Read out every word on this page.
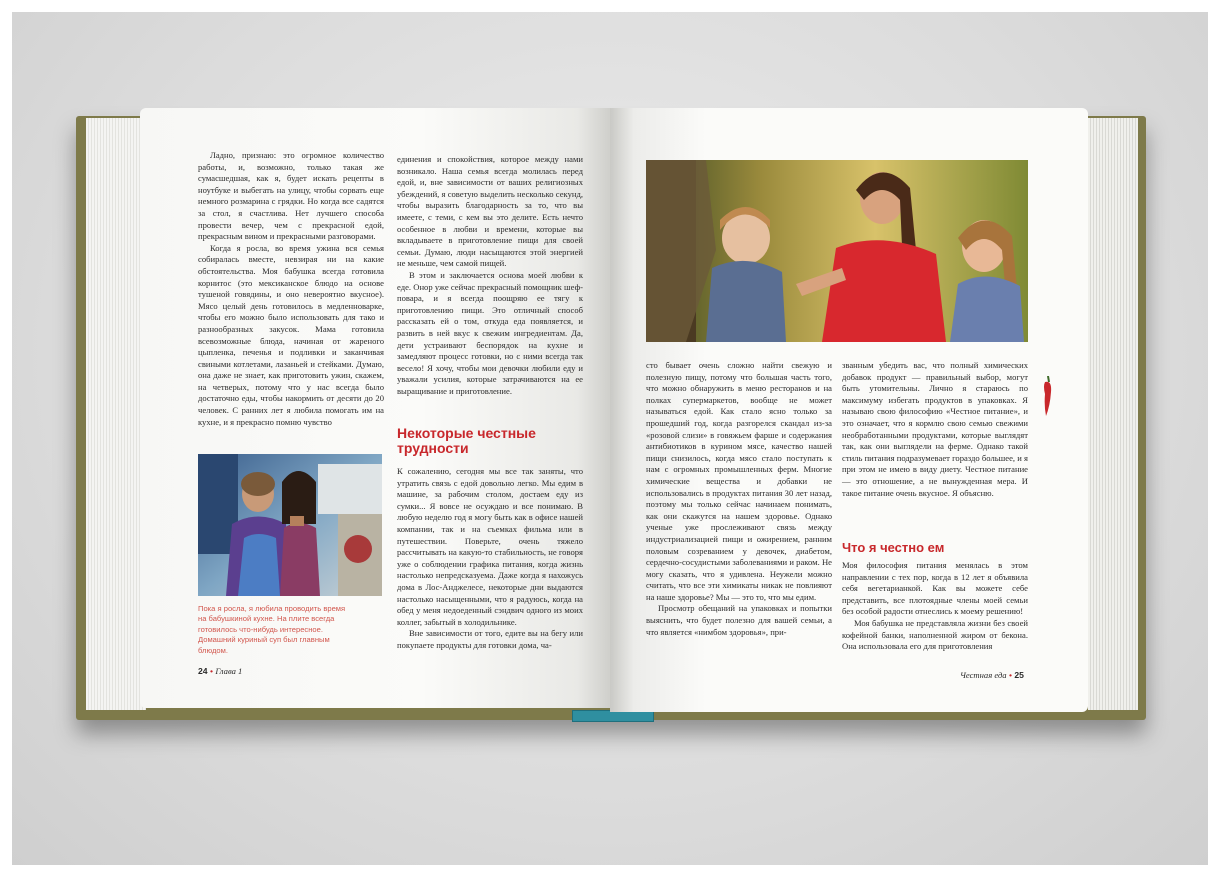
Ладно, признаю: это огромное количество работы, и, возможно, только такая же сумасшедшая, как я, будет искать рецепты в ноутбуке и выбегать на улицу, чтобы сорвать еще немного розмарина с грядки. Но когда все садятся за стол, я счастлива. Нет лучшего способа провести вечер, чем с прекрасной едой, прекрасным вином и прекрасными разговорами.

Когда я росла, во время ужина вся семья собиралась вместе, невзирая ни на какие обстоятельства. Моя бабушка всегда готовила корнитос (это мексиканское блюдо на основе тушеной говядины, и оно невероятно вкусное). Мясо целый день готовилось в медленноварке, чтобы его можно было использовать для тако и разнообразных закусок. Мама готовила всевозможные блюда, начиная от жареного цыпленка, печенья и подливки и заканчивая свиными котлетами, лазаньей и стейками. Думаю, она даже не знает, как приготовить ужин, скажем, на четверых, потому что у нас всегда было достаточно еды, чтобы накормить от десяти до 20 человек. С ранних лет я любила помогать им на кухне, и я прекрасно помню чувство

Пока я росла, я любила проводить время на бабушкиной кухне. На плите всегда готовилось что-нибудь интересное. Домашний куриный суп был главным блюдом.

единения и спокойствия, которое между нами возникало. Наша семья всегда молилась перед едой, и, вне зависимости от ваших религиозных убеждений, я советую выделить несколько секунд, чтобы выразить благодарность за то, что вы имеете, с теми, с кем вы это делите. Есть нечто особенное в любви и времени, которые вы вкладываете в приготовление пищи для своей семьи. Думаю, люди насыщаются этой энергией не меньше, чем самой пищей.

В этом и заключается основа моей любви к еде. Онор уже сейчас прекрасный помощник шеф-повара, и я всегда поощряю ее тягу к приготовлению пищи. Это отличный способ рассказать ей о том, откуда еда появляется, и развить в ней вкус к свежим ингредиентам. Да, дети устраивают беспорядок на кухне и замедляют процесс готовки, но с ними всегда так весело! Я хочу, чтобы мои девочки любили еду и уважали усилия, которые затрачиваются на ее выращивание и приготовление.

Некоторые честные трудности

К сожалению, сегодня мы все так заняты, что утратить связь с едой довольно легко. Мы едим в машине, за рабочим столом, достаем еду из сумки... Я вовсе не осуждаю и все понимаю. В любую неделю год я могу быть как в офисе нашей компании, так и на съемках фильма или в путешествии. Поверьте, очень тяжело рассчитывать на какую-то стабильность, не говоря уже о соблюдении графика питания, когда жизнь настолько непредсказуема. Даже когда я нахожусь дома в Лос-Анджелесе, некоторые дни выдаются настолько насыщенными, что я радуюсь, когда на обед у меня недоеденный сэндвич одного из моих коллег, забытый в холодильнике.

Вне зависимости от того, едите вы на бегу или покупаете продукты для готовки дома, ча-

24 • Глава 1

сто бывает очень сложно найти свежую и полезную пищу, потому что большая часть того, что можно обнаружить в меню ресторанов и на полках супермаркетов, вообще не может называться едой. Как стало ясно только за прошедший год, когда разгорелся скандал из-за «розовой слизи» в говяжьем фарше и содержания антибиотиков в курином мясе, качество нашей пищи снизилось, когда мясо стало поступать к нам с огромных промышленных ферм. Многие химические вещества и добавки не использовались в продуктах питания 30 лет назад, поэтому мы только сейчас начинаем понимать, как они скажутся на нашем здоровье. Однако ученые уже прослеживают связь между индустриализацией пищи и ожирением, ранним половым созреванием у девочек, диабетом, сердечно-сосудистыми заболеваниями и раком. Не могу сказать, что я удивлена. Неужели можно считать, что все эти химикаты никак не повлияют на наше здоровье? Мы — это то, что мы едим.

Просмотр обещаний на упаковках и попытки выяснить, что будет полезно для вашей семьи, а что является «нимбом здоровья», при-

званным убедить вас, что полный химических добавок продукт — правильный выбор, могут быть утомительны. Лично я стараюсь по максимуму избегать продуктов в упаковках. Я называю свою философию «Честное питание», и это означает, что я кормлю свою семью свежими необработанными продуктами, которые выглядят так, как они выглядели на ферме. Однако такой стиль питания подразумевает гораздо большее, и я при этом не имею в виду диету. Честное питание — это отношение, а не вынужденная мера. И такое питание очень вкусное. Я объясню.

Что я честно ем

Моя философия питания менялась в этом направлении с тех пор, когда в 12 лет я объявила себя вегетарианкой. Как вы можете себе представить, все плотоядные члены моей семьи без особой радости отнеслись к моему решению!

Моя бабушка не представляла жизни без своей кофейной банки, наполненной жиром от бекона. Она использовала его для приготовления

Честная еда • 25
